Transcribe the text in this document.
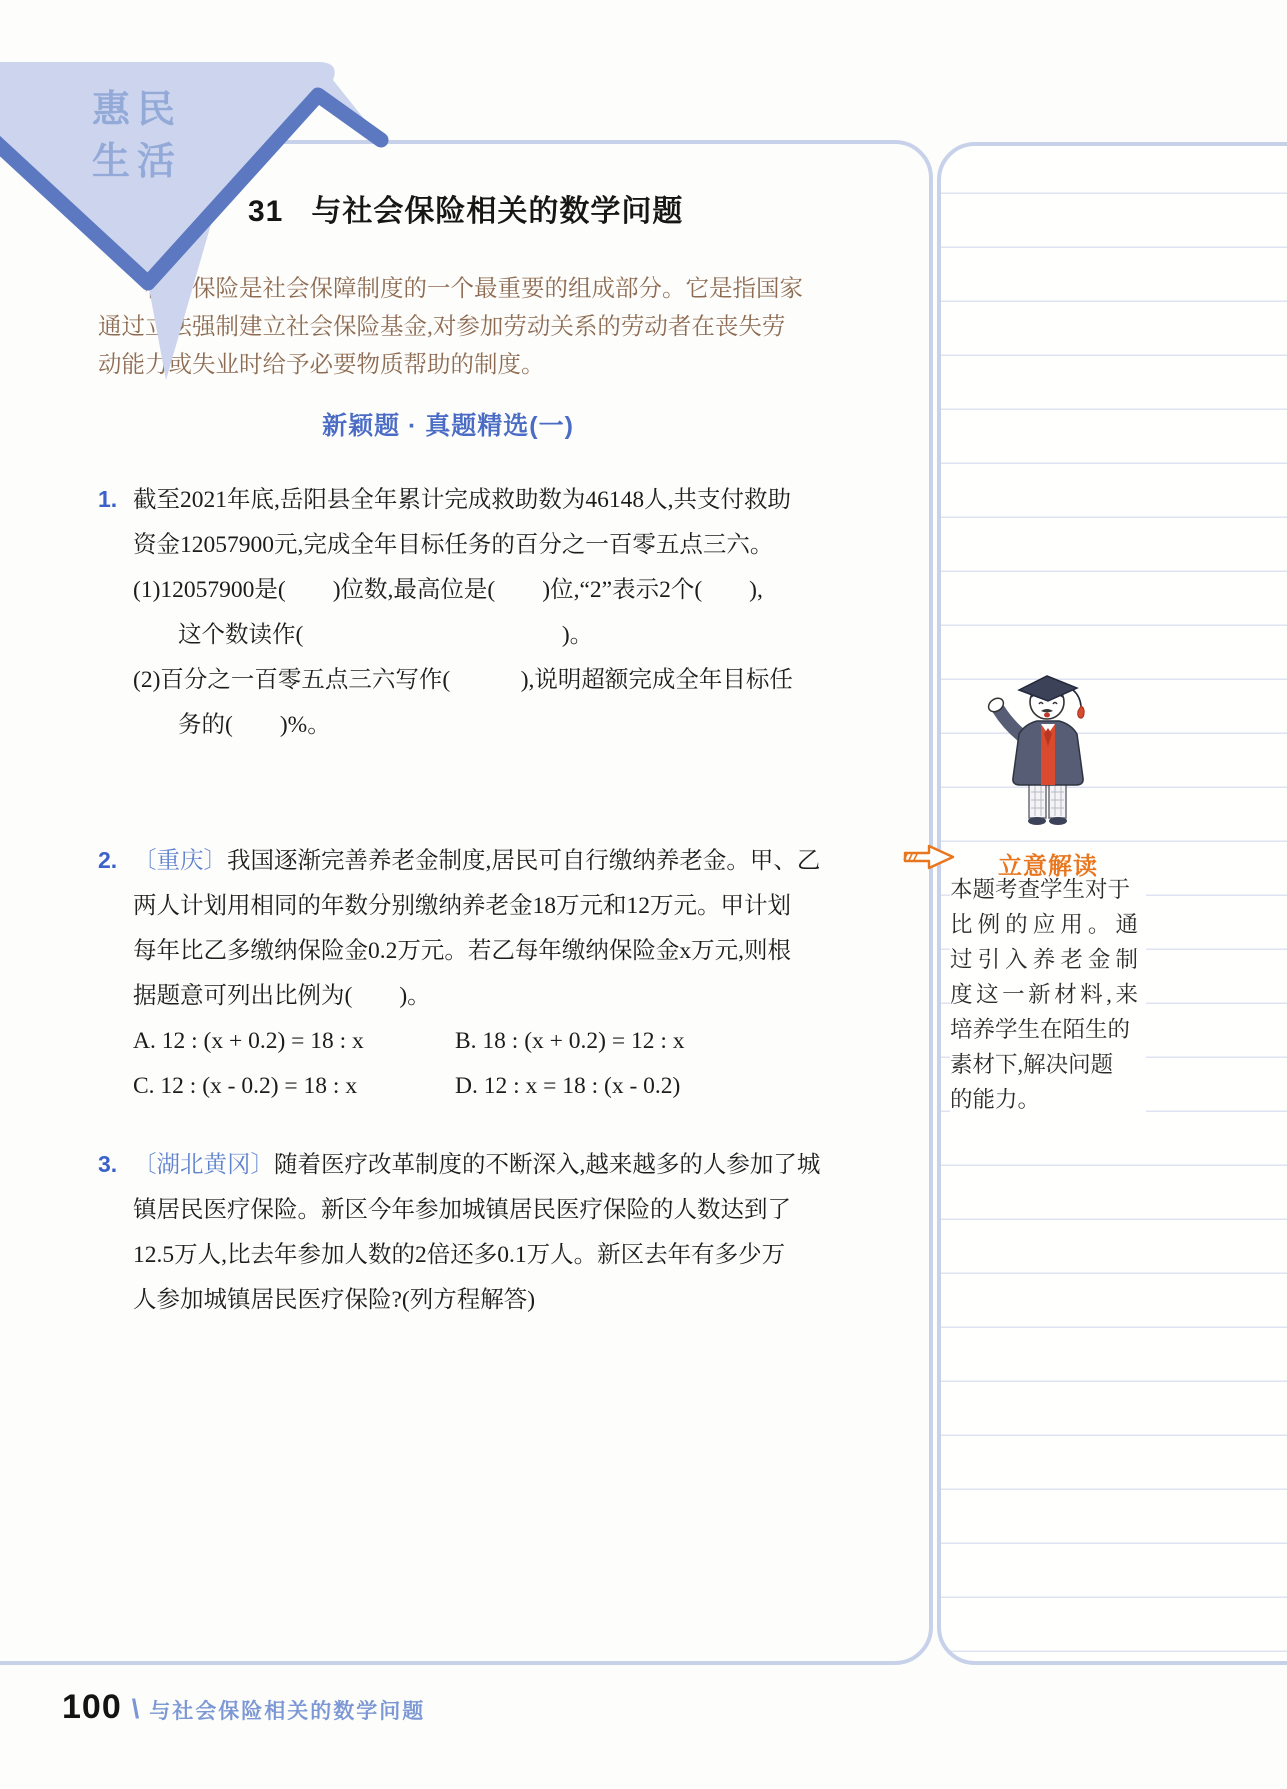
惠民
生活
31 与社会保险相关的数学问题
社会保险是社会保障制度的一个最重要的组成部分。它是指国家
通过立法强制建立社会保险基金,对参加劳动关系的劳动者在丧失劳
动能力或失业时给予必要物质帮助的制度。
新颖题 · 真题精选(一)
1. 截至2021年底,岳阳县全年累计完成救助数为46148人,共支付救助
资金12057900元,完成全年目标任务的百分之一百零五点三六。
(1)12057900是(        )位数,最高位是(        )位,“2”表示2个(        ),
这个数读作(                                            )。
(2)百分之一百零五点三六写作(            ),说明超额完成全年目标任
务的(        )%。
2. 〔重庆〕我国逐渐完善养老金制度,居民可自行缴纳养老金。甲、乙
两人计划用相同的年数分别缴纳养老金18万元和12万元。甲计划
每年比乙多缴纳保险金0.2万元。若乙每年缴纳保险金x万元,则根
据题意可列出比例为(        )。
A. 12 : (x + 0.2) = 18 : x	B. 18 : (x + 0.2) = 12 : x
C. 12 : (x - 0.2) = 18 : x	D. 12 : x = 18 : (x - 0.2)
3. 〔湖北黄冈〕随着医疗改革制度的不断深入,越来越多的人参加了城
镇居民医疗保险。新区今年参加城镇居民医疗保险的人数达到了
12.5万人,比去年参加人数的2倍还多0.1万人。新区去年有多少万
人参加城镇居民医疗保险?(列方程解答)
立意解读
本题考查学生对于
比例的应用。通
过引入养老金制
度这一新材料,来
培养学生在陌生的
素材下,解决问题
的能力。
100 \ 与社会保险相关的数学问题
